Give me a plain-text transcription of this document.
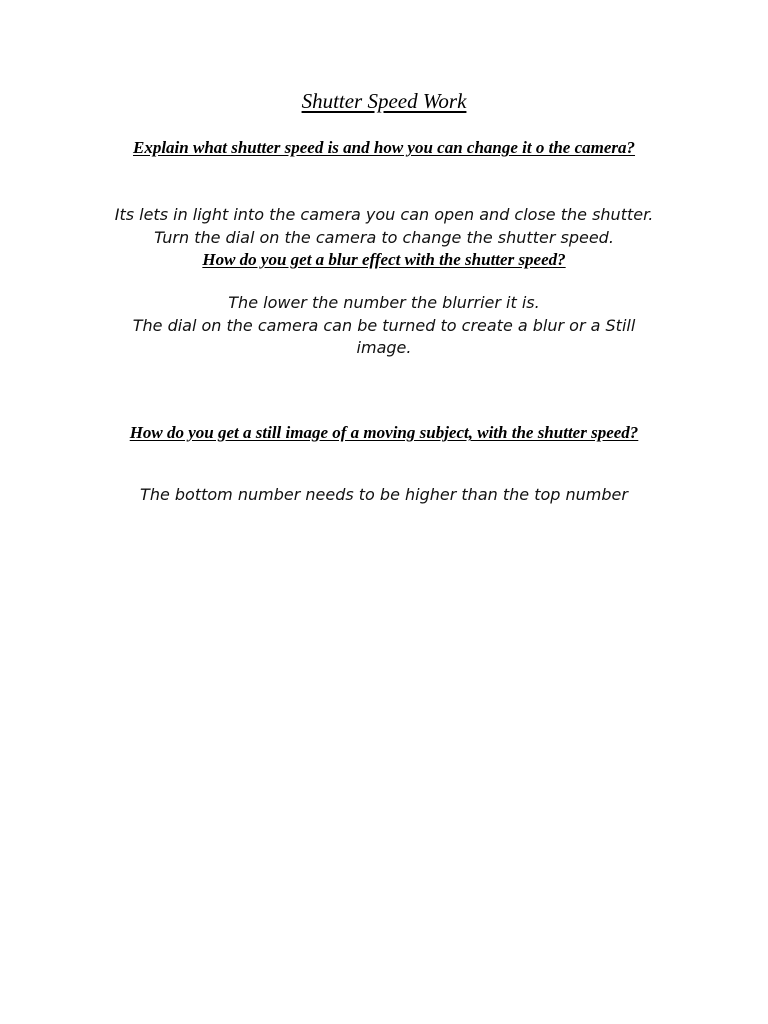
Shutter Speed Work
Explain what shutter speed is and how you can change it o the camera?
Its lets in light into the camera you can open and close the shutter.
Turn the dial on the camera to change the shutter speed.
How do you get a blur effect with the shutter speed?
The lower the number the blurrier it is.
The dial on the camera can be turned to create a blur or a Still image.
How do you get a still image of a moving subject, with the shutter speed?
The bottom number needs to be higher than the top number
